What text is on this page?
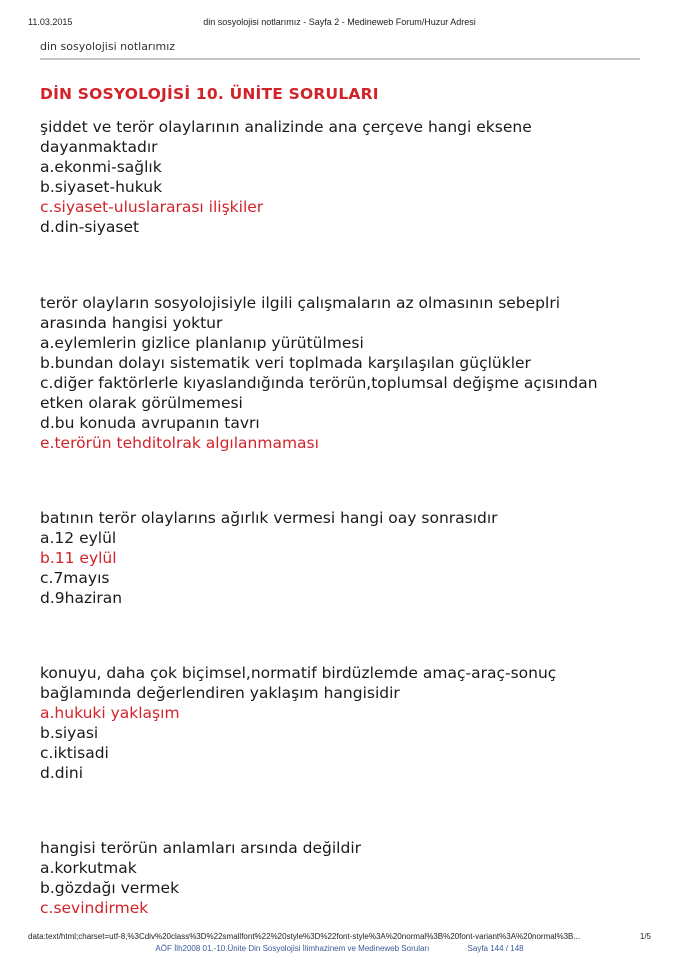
11.03.2015	din sosyolojisi notlarımız - Sayfa 2 - Medineweb Forum/Huzur Adresi
din sosyolojisi notlarımız
DİN SOSYOLOJİSİ 10. ÜNİTE SORULARI
şiddet ve terör olaylarının analizinde ana çerçeve hangi eksene
dayanmaktadır
a.ekonmi-sağlık
b.siyaset-hukuk
c.siyaset-uluslararası ilişkiler
d.din-siyaset
terör olayların sosyolojisiyle ilgili çalışmaların az olmasının sebeplri
arasında hangisi yoktur
a.eylemlerin gizlice planlanıp yürütülmesi
b.bundan dolayı sistematik veri toplmada karşılaşılan güçlükler
c.diğer faktörlerle kıyaslandığında terörün,toplumsal değişme açısından
etken olarak görülmemesi
d.bu konuda avrupanın tavrı
e.terörün tehditolrak algılanmaması
batının terör olaylarıns ağırlık vermesi hangi oay sonrasıdır
a.12 eylül
b.11 eylül
c.7mayıs
d.9haziran
konuyu, daha çok biçimsel,normatif birdüzlemde amaç-araç-sonuç
bağlamında değerlendiren yaklaşım hangisidir
a.hukuki yaklaşım
b.siyasi
c.iktisadi
d.dini
hangisi terörün anlamları arsında değildir
a.korkutmak
b.gözdağı vermek
c.sevindirmek
data:text/html;charset=utf-8,%3Cdiv%20class%3D%22smallfont%22%20style%3D%22font-style%3A%20normal%3B%20font-variant%3A%20normal%3B...	1/5
AÖF İlh2008 01.-10.Ünite Din Sosyolojisi İlimhazinem ve Medineweb Soruları	Sayfa 144 / 148
